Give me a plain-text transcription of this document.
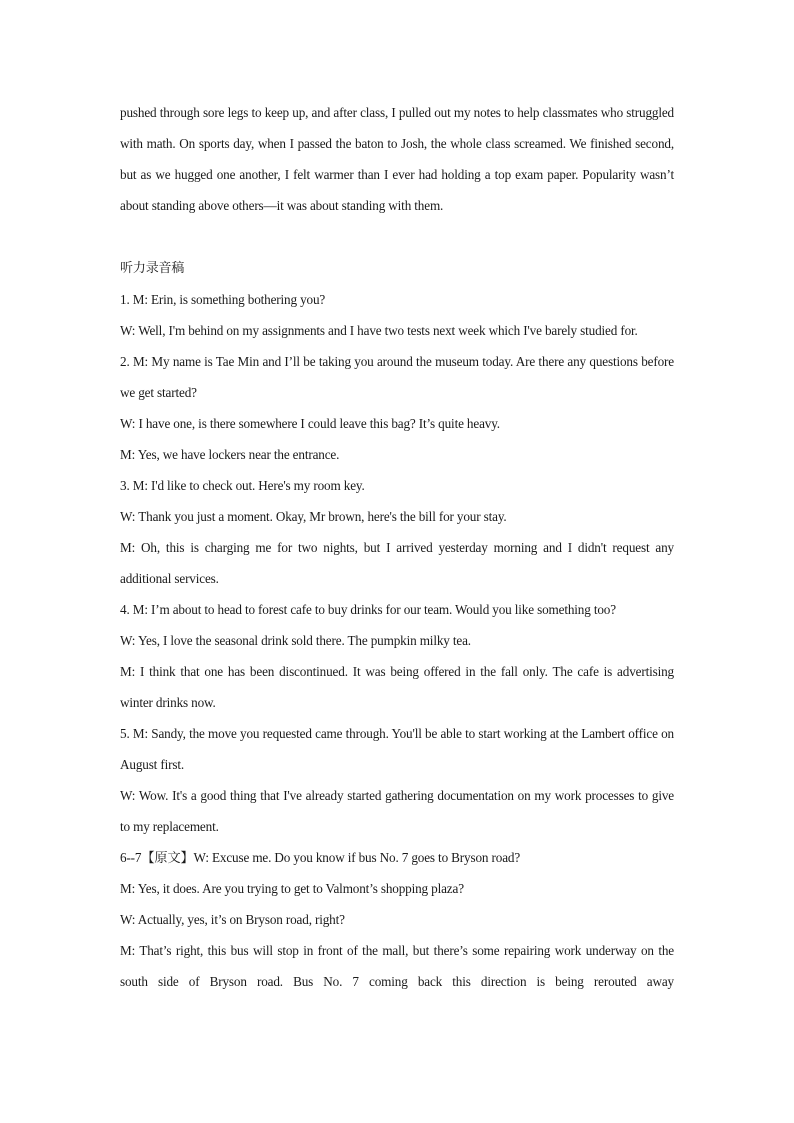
pushed through sore legs to keep up, and after class, I pulled out my notes to help classmates who struggled with math. On sports day, when I passed the baton to Josh, the whole class screamed. We finished second, but as we hugged one another, I felt warmer than I ever had holding a top exam paper. Popularity wasn’t about standing above others—it was about standing with them.

听力录音稿

1. M: Erin, is something bothering you?

W: Well, I'm behind on my assignments and I have two tests next week which I've barely studied for.

2. M: My name is Tae Min and I’ll be taking you around the museum today. Are there any questions before we get started?

W: I have one, is there somewhere I could leave this bag? It’s quite heavy.

M: Yes, we have lockers near the entrance.

3. M: I'd like to check out. Here's my room key.

W: Thank you just a moment. Okay, Mr brown, here's the bill for your stay.

M: Oh, this is charging me for two nights, but I arrived yesterday morning and I didn't request any additional services.

4. M: I’m about to head to forest cafe to buy drinks for our team. Would you like something too?

W: Yes, I love the seasonal drink sold there. The pumpkin milky tea.

M: I think that one has been discontinued. It was being offered in the fall only. The cafe is advertising winter drinks now.

5. M: Sandy, the move you requested came through. You'll be able to start working at the Lambert office on August first.

W: Wow. It's a good thing that I've already started gathering documentation on my work processes to give to my replacement.

6--7【原文】W: Excuse me. Do you know if bus No. 7 goes to Bryson road?

M: Yes, it does. Are you trying to get to Valmont’s shopping plaza?

W: Actually, yes, it’s on Bryson road, right?

M: That’s right, this bus will stop in front of the mall, but there’s some repairing work underway on the south side of Bryson road. Bus No. 7 coming back this direction is being rerouted away
